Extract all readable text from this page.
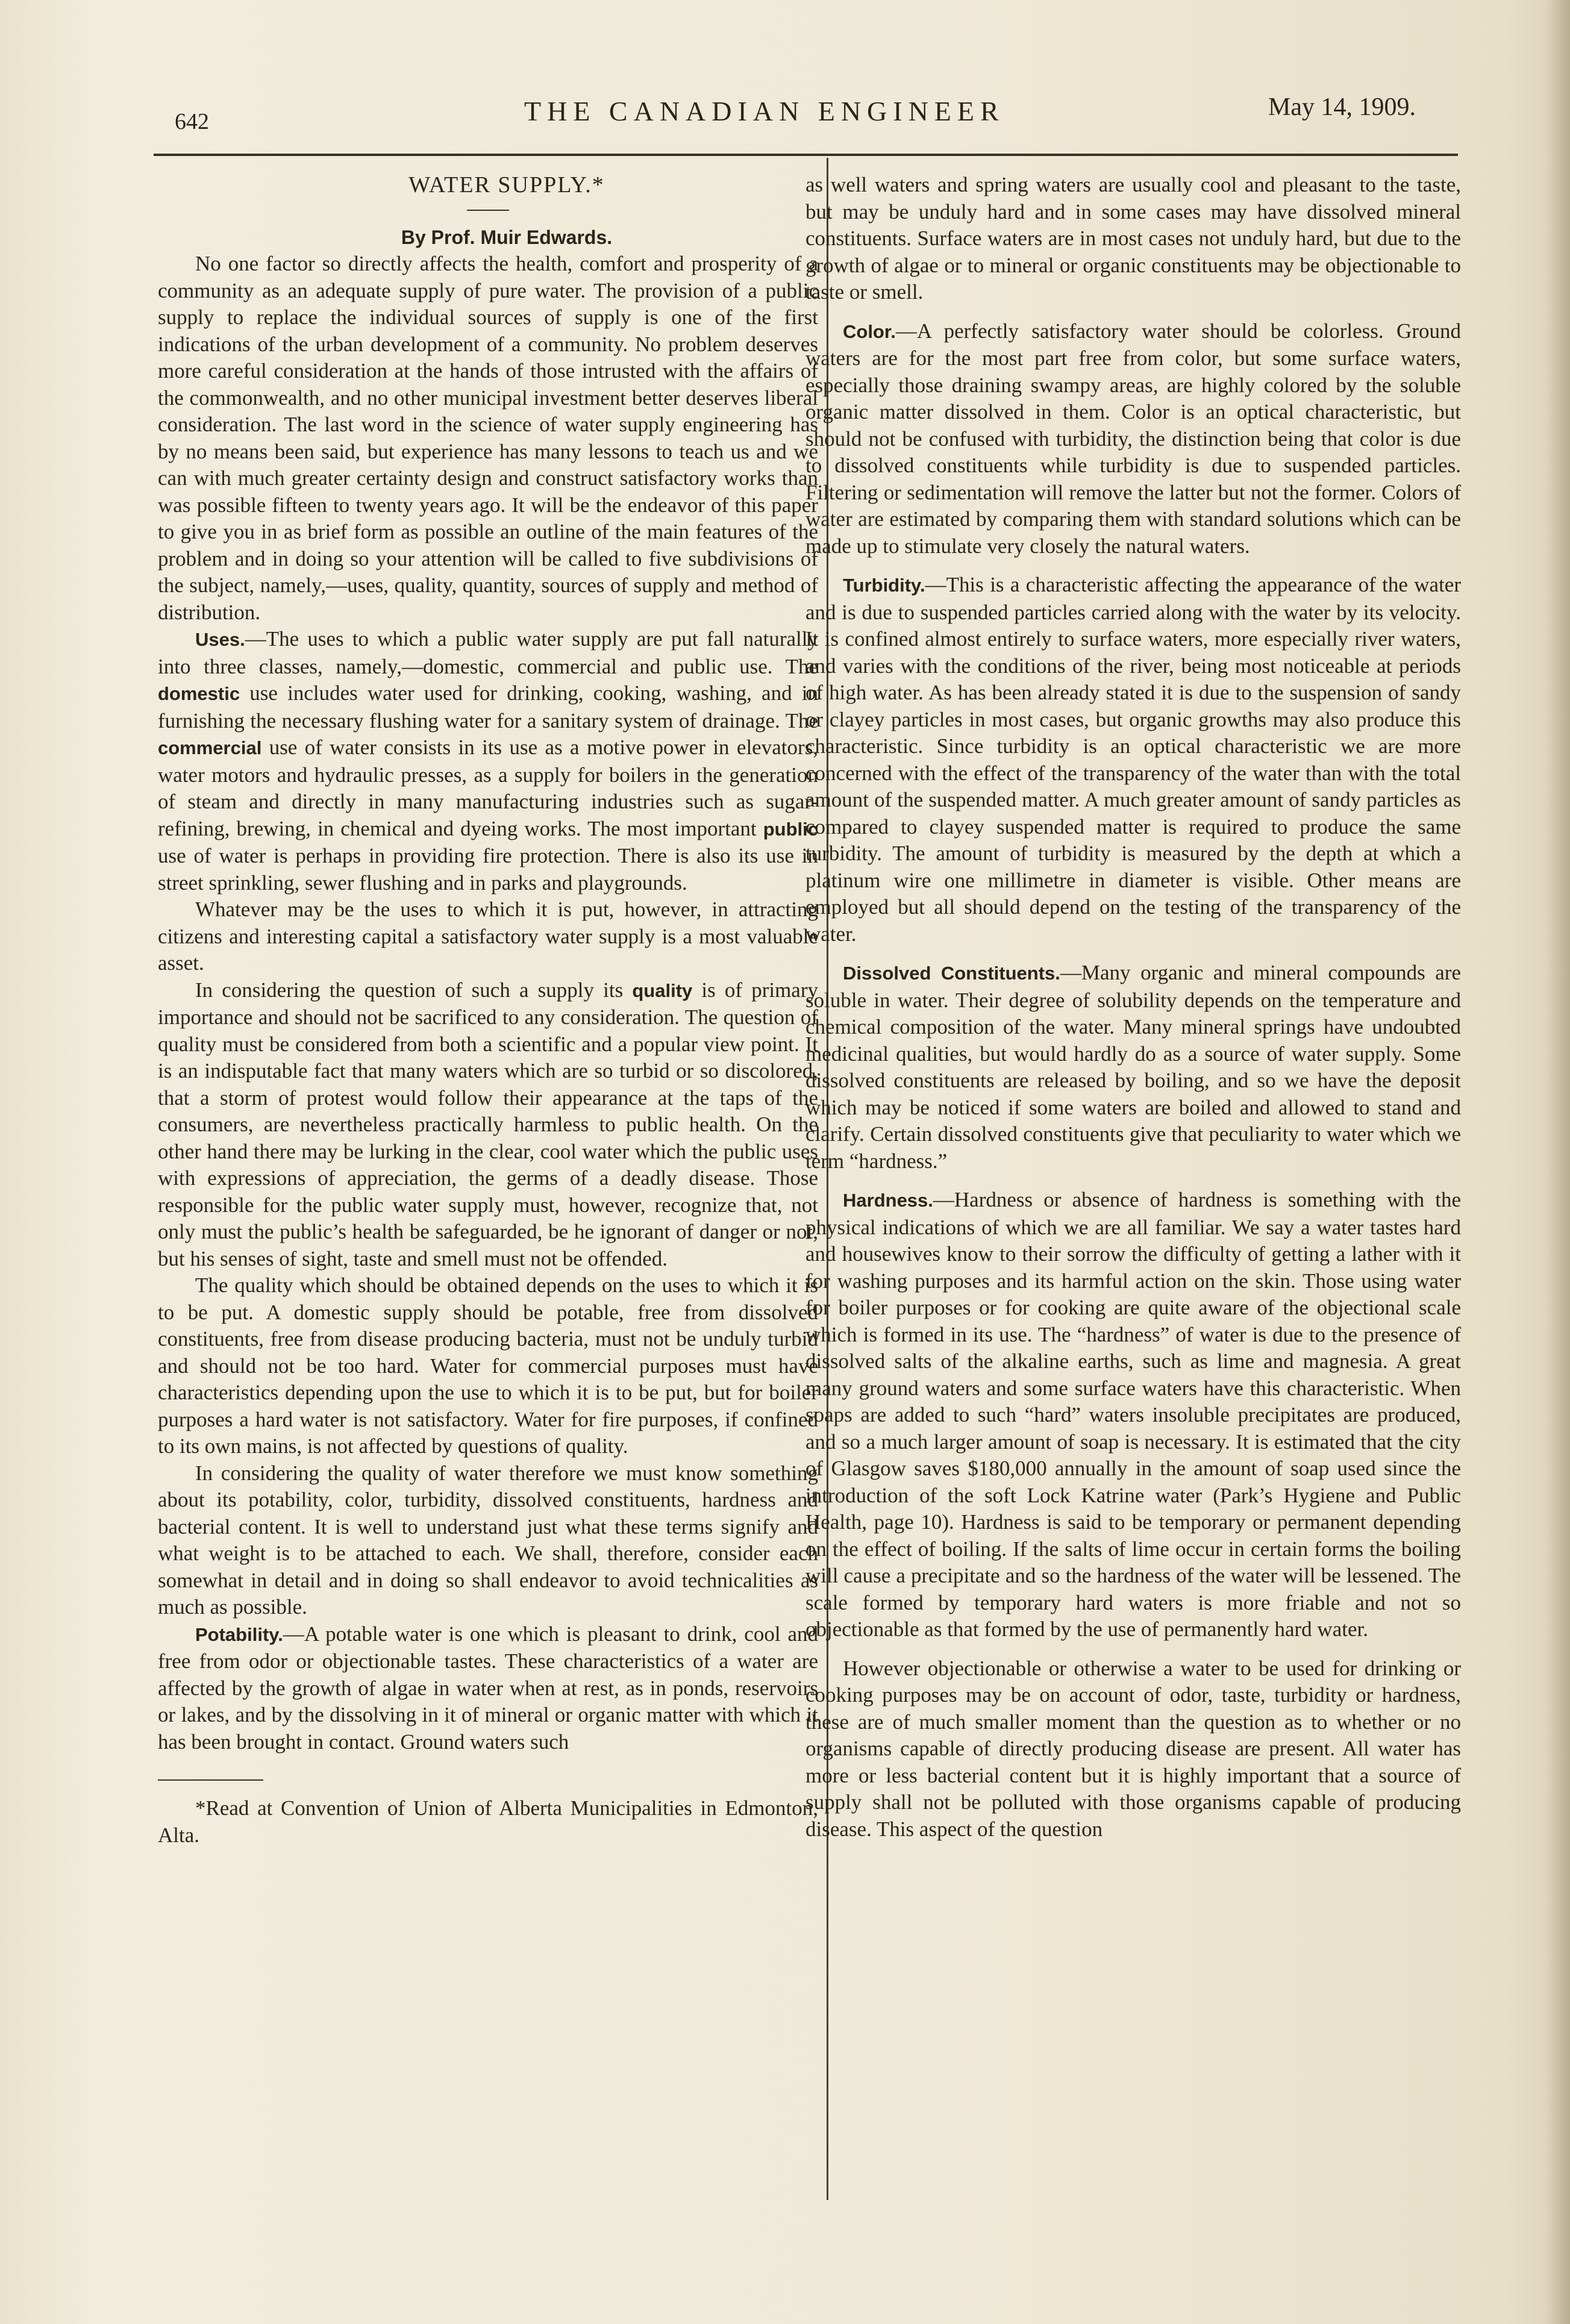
642	THE CANADIAN ENGINEER	May 14, 1909.

WATER SUPPLY.*

By Prof. Muir Edwards.

No one factor so directly affects the health, comfort and prosperity of a community as an adequate supply of pure water. The provision of a public supply to replace the individual sources of supply is one of the first indications of the urban development of a community. No problem deserves more careful consideration at the hands of those intrusted with the affairs of the commonwealth, and no other municipal investment better deserves liberal consideration. The last word in the science of water supply engineering has by no means been said, but experience has many lessons to teach us and we can with much greater certainty design and construct satisfactory works than was possible fifteen to twenty years ago. It will be the endeavor of this paper to give you in as brief form as possible an outline of the main features of the problem and in doing so your attention will be called to five subdivisions of the subject, namely,—uses, quality, quantity, sources of supply and method of distribution.

Uses.—The uses to which a public water supply are put fall naturally into three classes, namely,—domestic, commercial and public use. The domestic use includes water used for drinking, cooking, washing, and in furnishing the necessary flushing water for a sanitary system of drainage. The commercial use of water consists in its use as a motive power in elevators, water motors and hydraulic presses, as a supply for boilers in the generation of steam and directly in many manufacturing industries such as sugar-refining, brewing, in chemical and dyeing works. The most important public use of water is perhaps in providing fire protection. There is also its use in street sprinkling, sewer flushing and in parks and playgrounds.

Whatever may be the uses to which it is put, however, in attracting citizens and interesting capital a satisfactory water supply is a most valuable asset.

In considering the question of such a supply its quality is of primary importance and should not be sacrificed to any consideration. The question of quality must be considered from both a scientific and a popular view point. It is an indisputable fact that many waters which are so turbid or so discolored, that a storm of protest would follow their appearance at the taps of the consumers, are nevertheless practically harmless to public health. On the other hand there may be lurking in the clear, cool water which the public uses with expressions of appreciation, the germs of a deadly disease. Those responsible for the public water supply must, however, recognize that, not only must the public’s health be safeguarded, be he ignorant of danger or not, but his senses of sight, taste and smell must not be offended.

The quality which should be obtained depends on the uses to which it is to be put. A domestic supply should be potable, free from dissolved constituents, free from disease producing bacteria, must not be unduly turbid and should not be too hard. Water for commercial purposes must have characteristics depending upon the use to which it is to be put, but for boiler purposes a hard water is not satisfactory. Water for fire purposes, if confined to its own mains, is not affected by questions of quality.

In considering the quality of water therefore we must know something about its potability, color, turbidity, dissolved constituents, hardness and bacterial content. It is well to understand just what these terms signify and what weight is to be attached to each. We shall, therefore, consider each somewhat in detail and in doing so shall endeavor to avoid technicalities as much as possible.

Potability.—A potable water is one which is pleasant to drink, cool and free from odor or objectionable tastes. These characteristics of a water are affected by the growth of algae in water when at rest, as in ponds, reservoirs or lakes, and by the dissolving in it of mineral or organic matter with which it has been brought in contact. Ground waters such

*Read at Convention of Union of Alberta Municipalities in Edmonton, Alta.

as well waters and spring waters are usually cool and pleasant to the taste, but may be unduly hard and in some cases may have dissolved mineral constituents. Surface waters are in most cases not unduly hard, but due to the growth of algae or to mineral or organic constituents may be objectionable to taste or smell.

Color.—A perfectly satisfactory water should be colorless. Ground waters are for the most part free from color, but some surface waters, especially those draining swampy areas, are highly colored by the soluble organic matter dissolved in them. Color is an optical characteristic, but should not be confused with turbidity, the distinction being that color is due to dissolved constituents while turbidity is due to suspended particles. Filtering or sedimentation will remove the latter but not the former. Colors of water are estimated by comparing them with standard solutions which can be made up to stimulate very closely the natural waters.

Turbidity.—This is a characteristic affecting the appearance of the water and is due to suspended particles carried along with the water by its velocity. It is confined almost entirely to surface waters, more especially river waters, and varies with the conditions of the river, being most noticeable at periods of high water. As has been already stated it is due to the suspension of sandy or clayey particles in most cases, but organic growths may also produce this characteristic. Since turbidity is an optical characteristic we are more concerned with the effect of the transparency of the water than with the total amount of the suspended matter. A much greater amount of sandy particles as compared to clayey suspended matter is required to produce the same turbidity. The amount of turbidity is measured by the depth at which a platinum wire one millimetre in diameter is visible. Other means are employed but all should depend on the testing of the transparency of the water.

Dissolved Constituents.—Many organic and mineral compounds are soluble in water. Their degree of solubility depends on the temperature and chemical composition of the water. Many mineral springs have undoubted medicinal qualities, but would hardly do as a source of water supply. Some dissolved constituents are released by boiling, and so we have the deposit which may be noticed if some waters are boiled and allowed to stand and clarify. Certain dissolved constituents give that peculiarity to water which we term “hardness.”

Hardness.—Hardness or absence of hardness is something with the physical indications of which we are all familiar. We say a water tastes hard and housewives know to their sorrow the difficulty of getting a lather with it for washing purposes and its harmful action on the skin. Those using water for boiler purposes or for cooking are quite aware of the objectional scale which is formed in its use. The “hardness” of water is due to the presence of dissolved salts of the alkaline earths, such as lime and magnesia. A great many ground waters and some surface waters have this characteristic. When soaps are added to such “hard” waters insoluble precipitates are produced, and so a much larger amount of soap is necessary. It is estimated that the city of Glasgow saves $180,000 annually in the amount of soap used since the introduction of the soft Lock Katrine water (Park’s Hygiene and Public Health, page 10). Hardness is said to be temporary or permanent depending on the effect of boiling. If the salts of lime occur in certain forms the boiling will cause a precipitate and so the hardness of the water will be lessened. The scale formed by temporary hard waters is more friable and not so objectionable as that formed by the use of permanently hard water.

However objectionable or otherwise a water to be used for drinking or cooking purposes may be on account of odor, taste, turbidity or hardness, these are of much smaller moment than the question as to whether or no organisms capable of directly producing disease are present. All water has more or less bacterial content but it is highly important that a source of supply shall not be polluted with those organisms capable of producing disease. This aspect of the question
